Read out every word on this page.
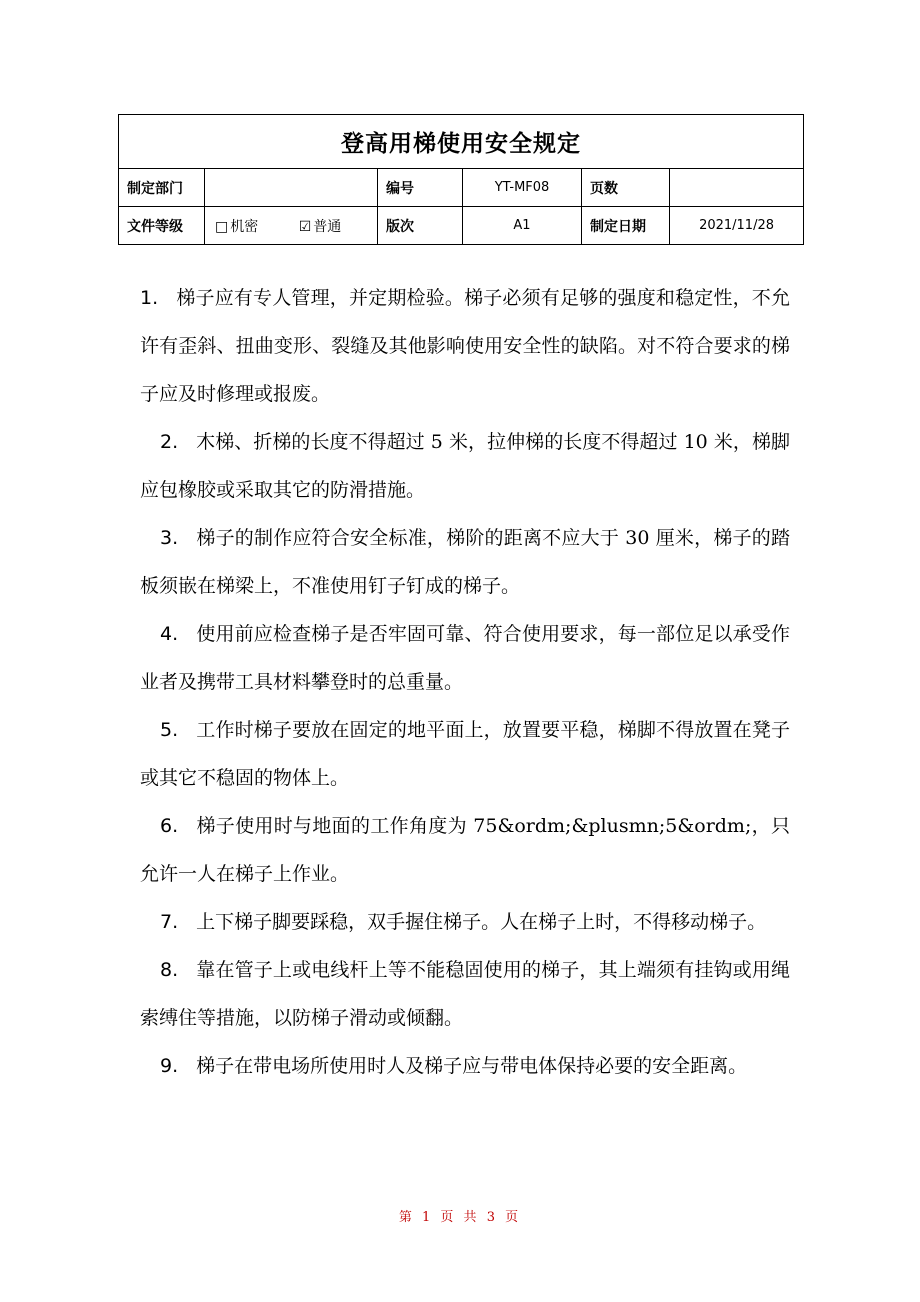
登高用梯使用安全规定					
制定部门		编号	YT-MF08	页数	
文件等级	□ 机密 ☑ 普通	版次	A1	制定日期	2021/11/28

1. 梯子应有专人管理，并定期检验。梯子必须有足够的强度和稳定性，不允许有歪斜、扭曲变形、裂缝及其他影响使用安全性的缺陷。对不符合要求的梯子应及时修理或报废。

2. 木梯、折梯的长度不得超过 5 米，拉伸梯的长度不得超过 10 米，梯脚应包橡胶或采取其它的防滑措施。

3. 梯子的制作应符合安全标准，梯阶的距离不应大于 30 厘米，梯子的踏板须嵌在梯梁上，不准使用钉子钉成的梯子。

4. 使用前应检查梯子是否牢固可靠、符合使用要求，每一部位足以承受作业者及携带工具材料攀登时的总重量。

5. 工作时梯子要放在固定的地平面上，放置要平稳，梯脚不得放置在凳子或其它不稳固的物体上。

6. 梯子使用时与地面的工作角度为 75&ordm;&plusmn;5&ordm;，只允许一人在梯子上作业。

7. 上下梯子脚要踩稳，双手握住梯子。人在梯子上时，不得移动梯子。

8. 靠在管子上或电线杆上等不能稳固使用的梯子，其上端须有挂钩或用绳索缚住等措施，以防梯子滑动或倾翻。

9. 梯子在带电场所使用时人及梯子应与带电体保持必要的安全距离。

第 1 页 共 3 页
